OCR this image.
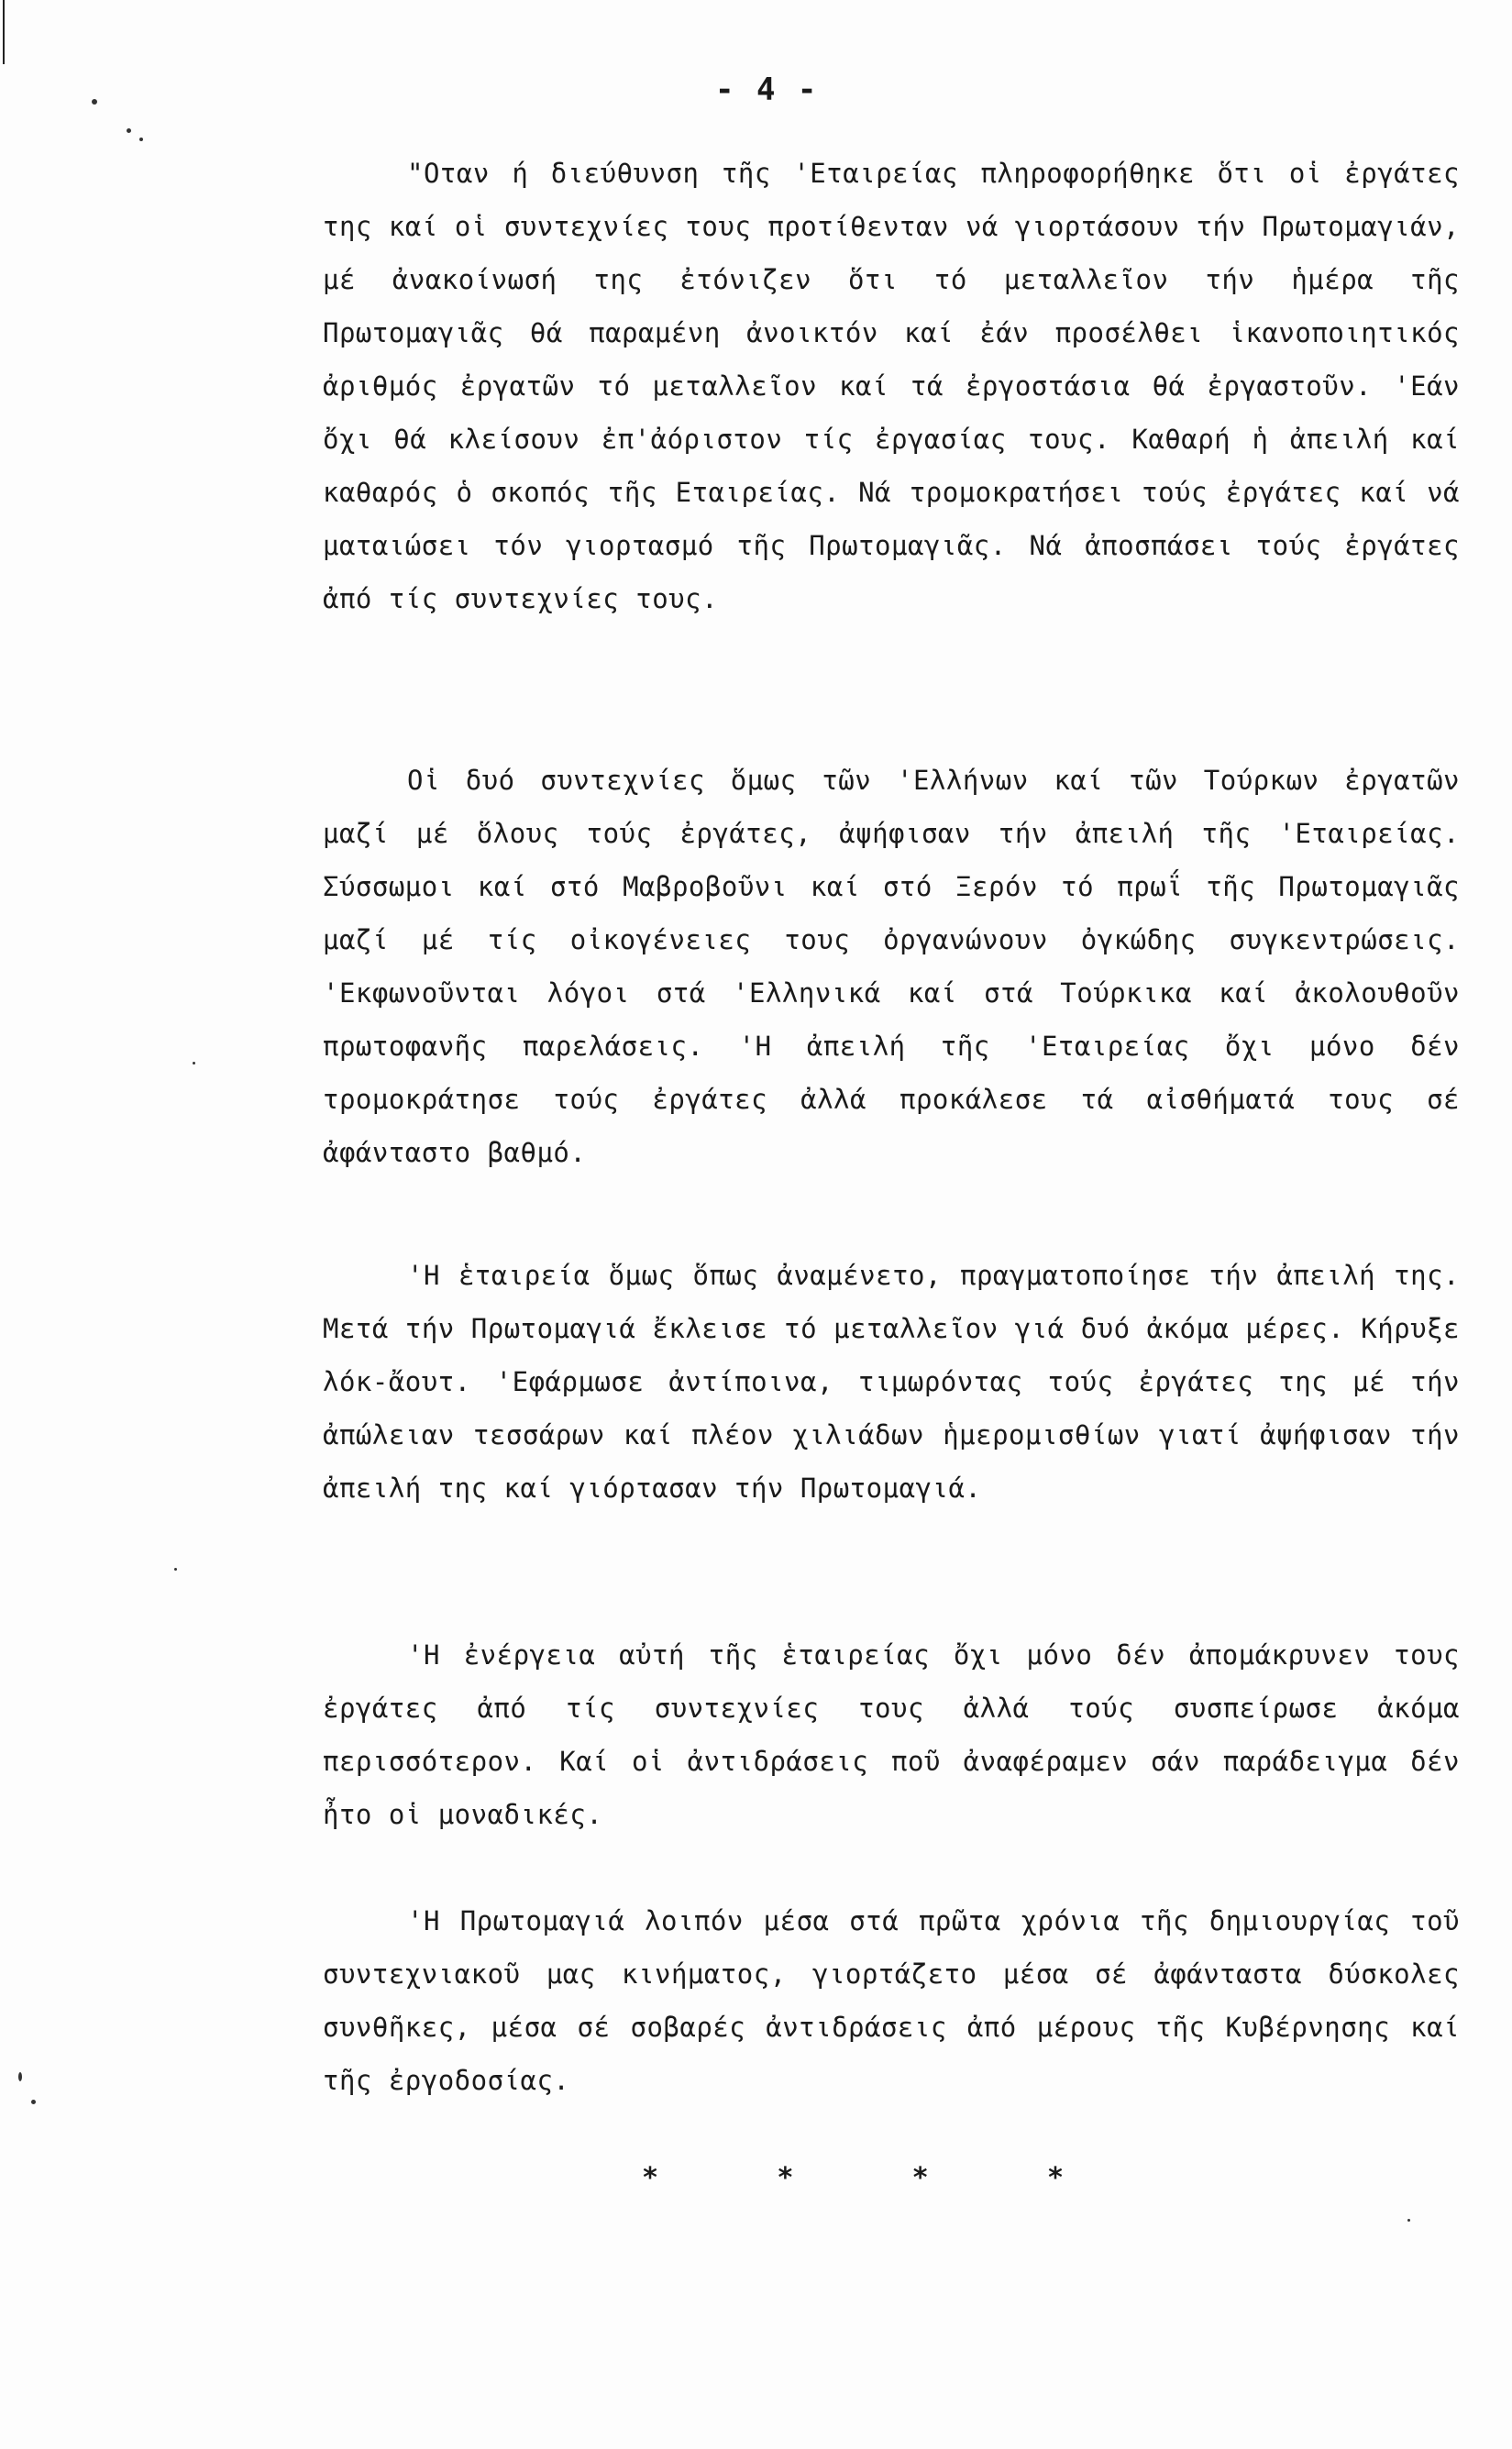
- 4 -

"Οταν ή διεύθυνση τῆς 'Εταιρείας πληροφορήθηκε ὅτι οἱ ἐργάτες της καί οἱ συντεχνίες τους προτίθενταν νά γιορτάσουν τήν Πρωτομαγιάν, μέ ἀνακοίνωσή της ἐτόνιζεν ὅτι τό μεταλλεῖον τήν ἡμέρα τῆς Πρωτομαγιᾶς θά παραμένη ἀνοικτόν καί ἐάν προσέλθει ἱκανοποιητικός ἀριθμός ἐργατῶν τό μεταλλεῖον καί τά ἐργοστάσια θά ἐργαστοῦν. 'Εάν ὄχι θά κλείσουν ἐπ'ἀόριστον τίς ἐργασίας τους. Καθαρή ἡ ἀπειλή καί καθαρός ὁ σκοπός τῆς Εταιρείας. Νά τρομοκρατήσει τούς ἐργάτες καί νά ματαιώσει τόν γιορτασμό τῆς Πρωτομαγιᾶς. Νά ἀποσπάσει τούς ἐργάτες ἀπό τίς συντεχνίες τους.

Οἱ δυό συντεχνίες ὅμως τῶν 'Ελλήνων καί τῶν Τούρκων ἐργατῶν μαζί μέ ὅλους τούς ἐργάτες, ἀψήφισαν τήν ἀπειλή τῆς 'Εταιρείας. Σύσσωμοι καί στό Μαβροβοῦνι καί στό Ξερόν τό πρωΐ τῆς Πρωτομαγιᾶς μαζί μέ τίς οἰκογένειες τους ὀργανώνουν ὀγκώδης συγκεντρώσεις. 'Εκφωνοῦνται λόγοι στά 'Ελληνικά καί στά Τούρκικα καί ἀκολουθοῦν πρωτοφανῆς παρελάσεις. 'Η ἀπειλή τῆς 'Εταιρείας ὄχι μόνο δέν τρομοκράτησε τούς ἐργάτες ἀλλά προκάλεσε τά αἰσθήματά τους σέ ἀφάνταστο βαθμό.

'Η ἑταιρεία ὅμως ὅπως ἀναμένετο, πραγματοποίησε τήν ἀπειλή της. Μετά τήν Πρωτομαγιά ἔκλεισε τό μεταλλεῖον γιά δυό ἀκόμα μέρες. Κήρυξε λόκ-ἄουτ. 'Εφάρμωσε ἀντίποινα, τιμωρόντας τούς ἐργάτες της μέ τήν ἀπώλειαν τεσσάρων καί πλέον χιλιάδων ἡμερομισθίων γιατί ἀψήφισαν τήν ἀπειλή της καί γιόρτασαν τήν Πρωτομαγιά.

'Η ἐνέργεια αὐτή τῆς ἑταιρείας ὄχι μόνο δέν ἀπομάκρυνεν τους ἐργάτες ἀπό τίς συντεχνίες τους ἀλλά τούς συσπείρωσε ἀκόμα περισσότερον. Καί οἱ ἀντιδράσεις ποῦ ἀναφέραμεν σάν παράδειγμα δέν ἦτο οἱ μοναδικές.

'Η Πρωτομαγιά λοιπόν μέσα στά πρῶτα χρόνια τῆς δημιουργίας τοῦ συντεχνιακοῦ μας κινήματος, γιορτάζετο μέσα σέ ἀφάνταστα δύσκολες συνθῆκες, μέσα σέ σοβαρές ἀντιδράσεις ἀπό μέρους τῆς Κυβέρνησης καί τῆς ἐργοδοσίας.

*	*	*	*
